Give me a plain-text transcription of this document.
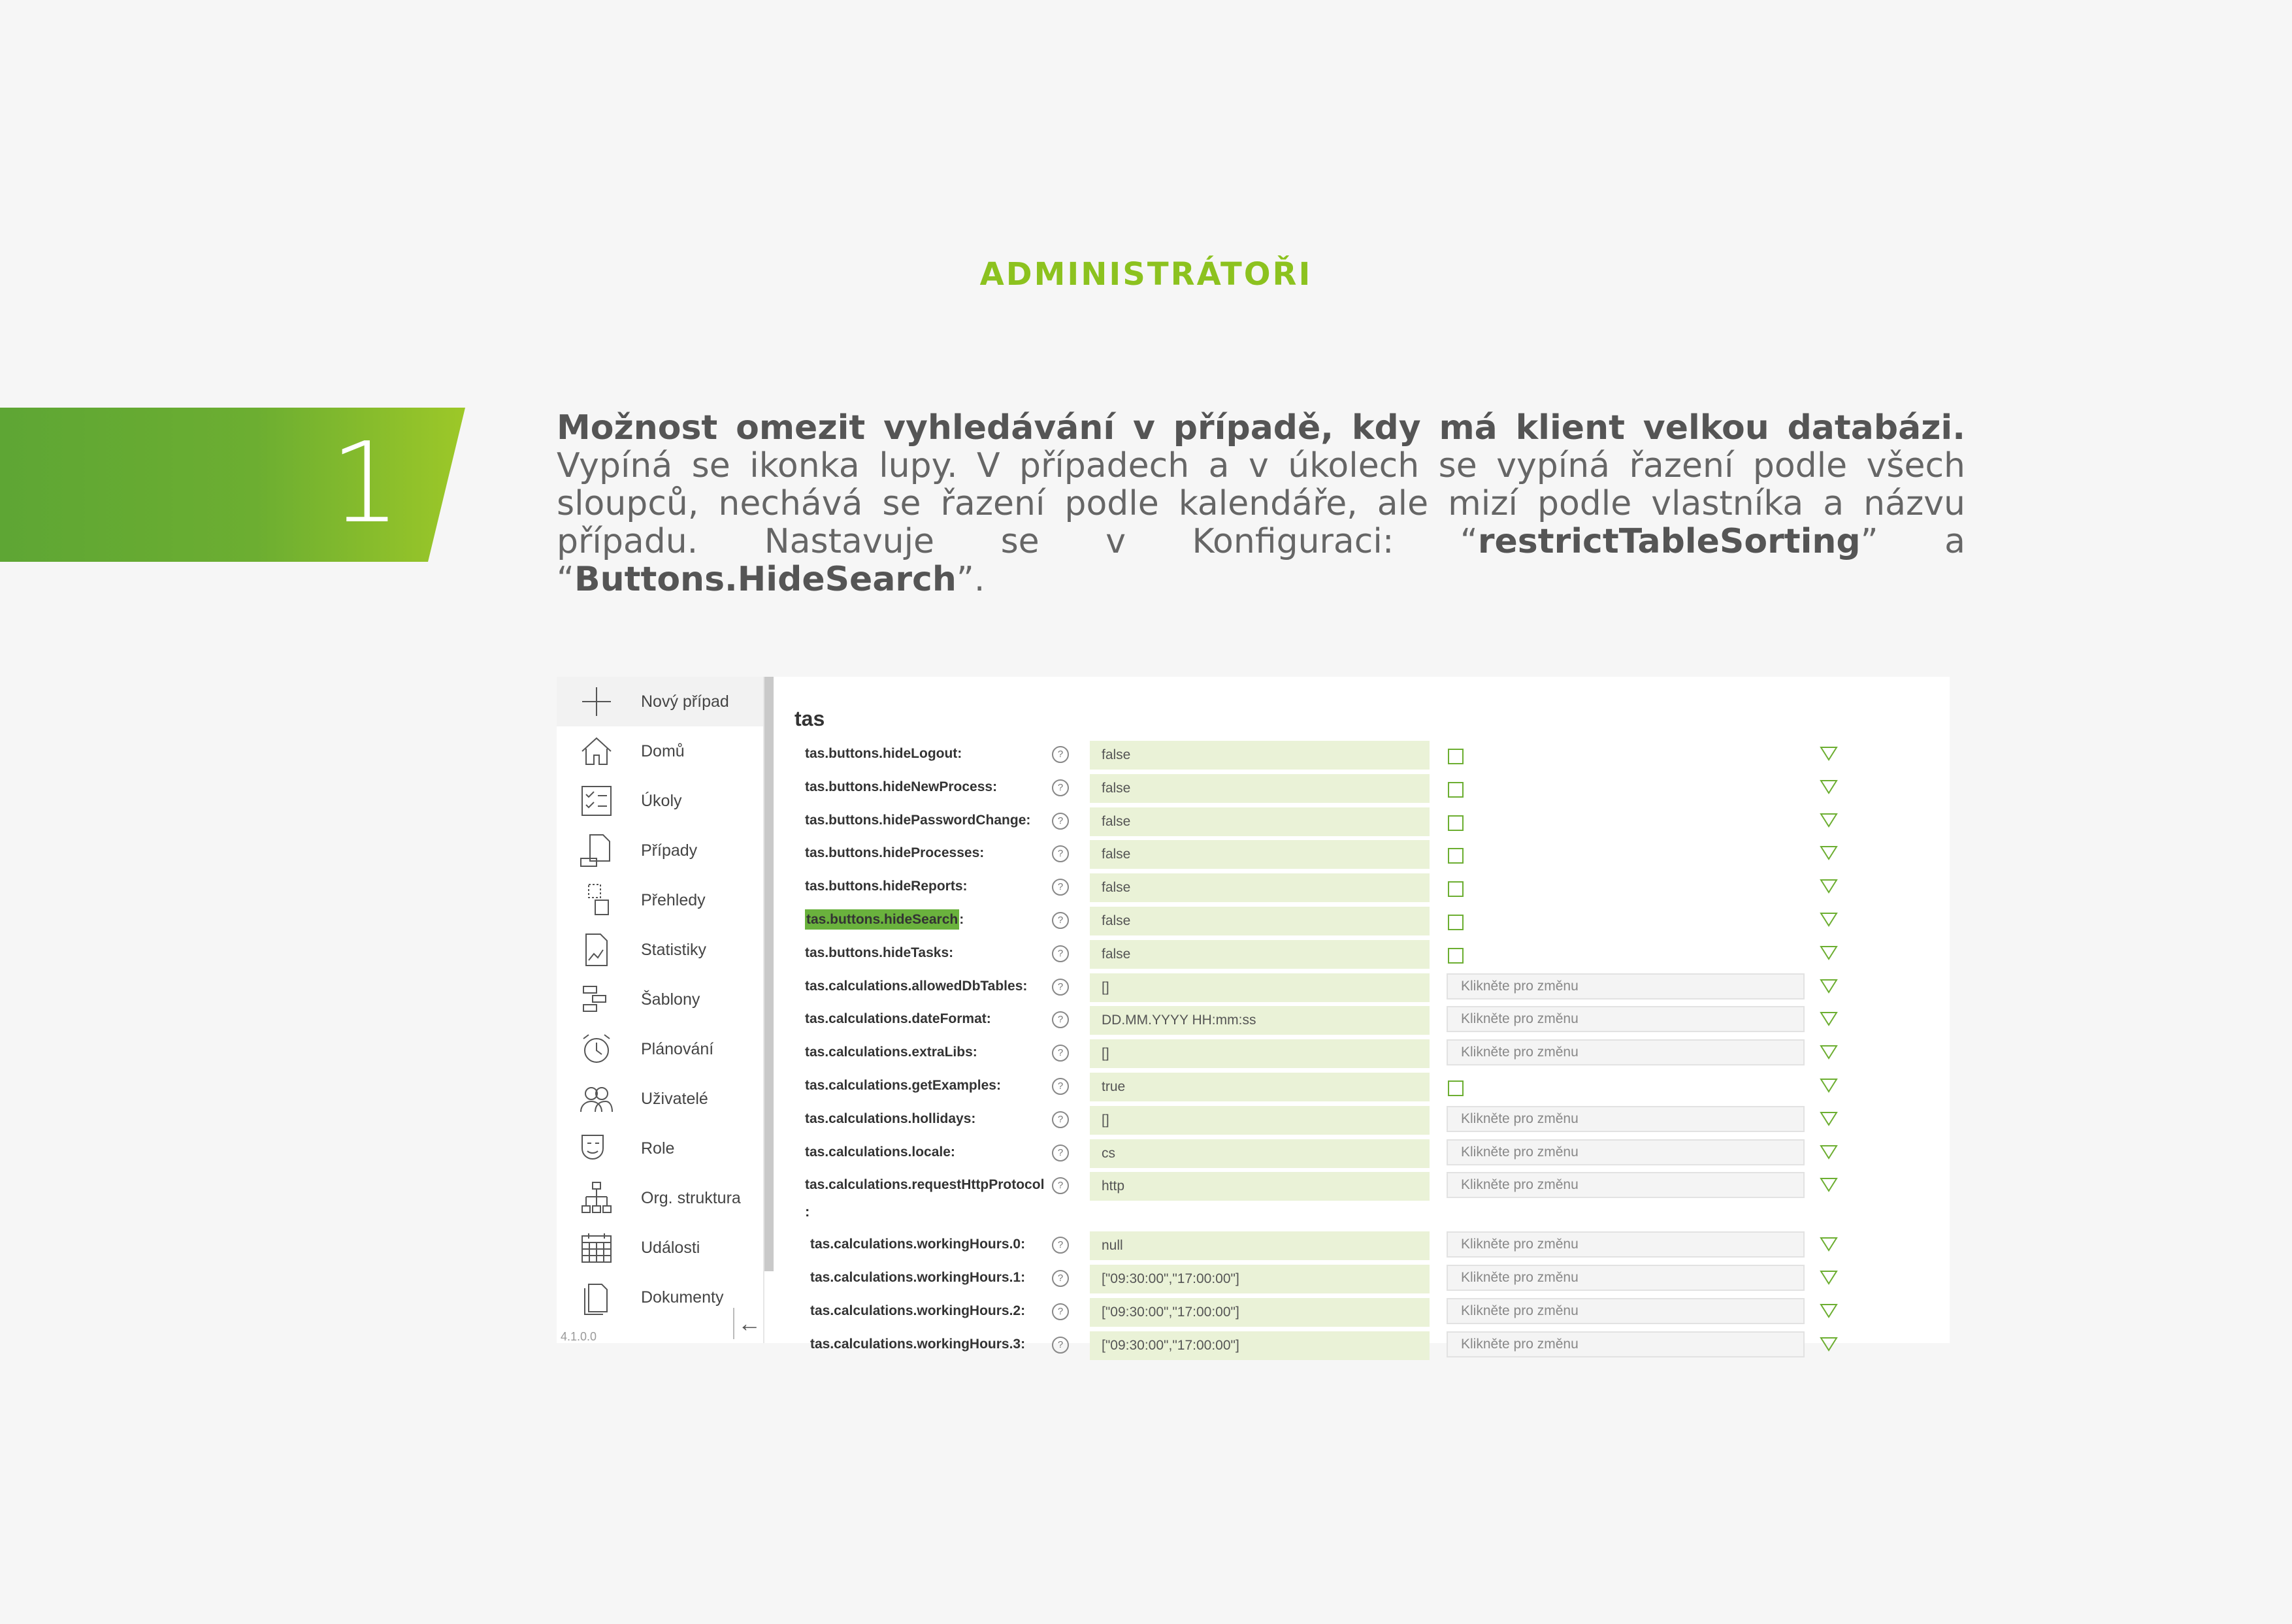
ADMINISTRÁTOŘI
1	Možnost omezit vyhledávání v případě, kdy má klient velkou databázi. Vypíná se ikonka lupy. V případech a v úkolech se vypíná řazení podle všech sloupců, nechává se řazení podle kalendáře, ale mizí podle vlastníka a názvu případu. Nastavuje se v Konfiguraci: “restrictTableSorting” a “Buttons.HideSearch”.
Nový případ
Domů
Úkoly
Případy
Přehledy
Statistiky
Šablony
Plánování
Uživatelé
Role
Org. struktura
Události
Dokumenty
4.1.0.0	←
tas
tas.buttons.hideLogout:	?	false
tas.buttons.hideNewProcess:	?	false
tas.buttons.hidePasswordChange:	?	false
tas.buttons.hideProcesses:	?	false
tas.buttons.hideReports:	?	false
tas.buttons.hideSearch:	?	false
tas.buttons.hideTasks:	?	false
tas.calculations.allowedDbTables:	?	[]	Klikněte pro změnu
tas.calculations.dateFormat:	?	DD.MM.YYYY HH:mm:ss	Klikněte pro změnu
tas.calculations.extraLibs:	?	[]	Klikněte pro změnu
tas.calculations.getExamples:	?	true
tas.calculations.hollidays:	?	[]	Klikněte pro změnu
tas.calculations.locale:	?	cs	Klikněte pro změnu
tas.calculations.requestHttpProtocol	?	http	Klikněte pro změnu
tas.calculations.workingHours.0:	?	null	Klikněte pro změnu
tas.calculations.workingHours.1:	?	["09:30:00","17:00:00"]	Klikněte pro změnu
tas.calculations.workingHours.2:	?	["09:30:00","17:00:00"]	Klikněte pro změnu
tas.calculations.workingHours.3:	?	["09:30:00","17:00:00"]	Klikněte pro změnu
:
